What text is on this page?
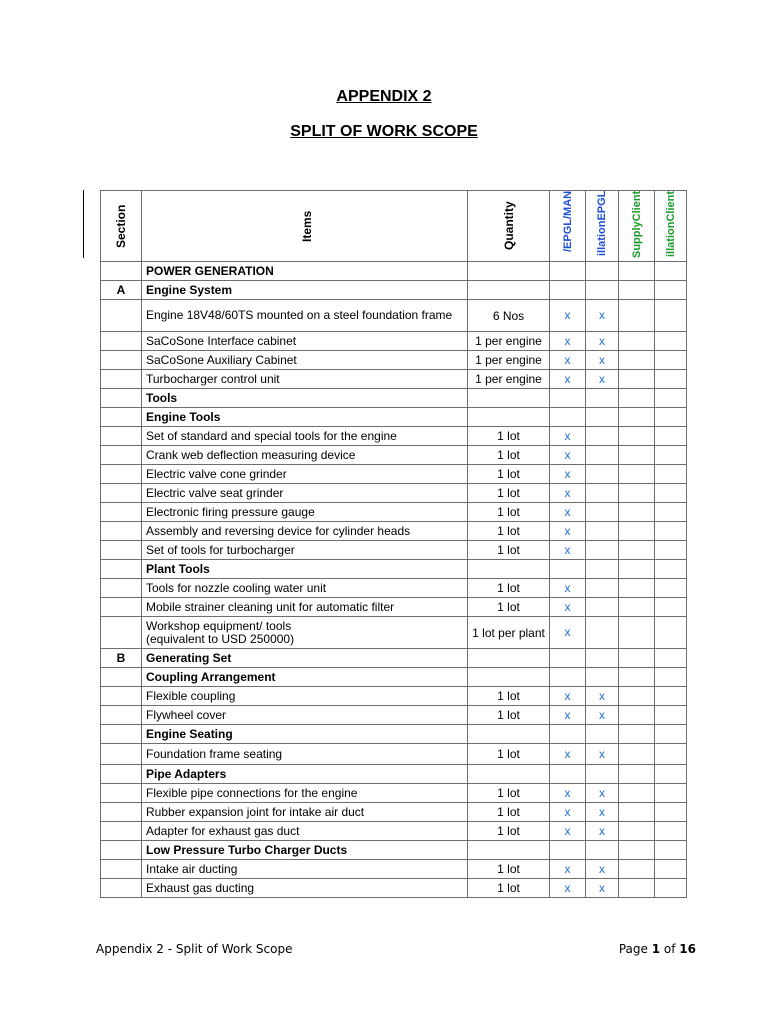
APPENDIX 2
SPLIT OF WORK SCOPE
Section	Items	Quantity	/EPGL/MAN	illationEPGL	SupplyClient	illationClient

	POWER GENERATION					
A	Engine System					
	Engine 18V48/60TS mounted on a steel foundation frame	6 Nos	x	x		
	SaCoSone Interface cabinet	1 per engine	x	x		
	SaCoSone Auxiliary Cabinet	1 per engine	x	x		
	Turbocharger control unit	1 per engine	x	x		
	Tools					
	Engine Tools					
	Set of standard and special tools for the engine	1 lot	x			
	Crank web deflection measuring device	1 lot	x			
	Electric valve cone grinder	1 lot	x			
	Electric valve seat grinder	1 lot	x			
	Electronic firing pressure gauge	1 lot	x			
	Assembly and reversing device for cylinder heads	1 lot	x			
	Set of tools for turbocharger	1 lot	x			
	Plant Tools					
	Tools for nozzle cooling water unit	1 lot	x			
	Mobile strainer cleaning unit for automatic filter	1 lot	x			
	Workshop equipment/ tools
(equivalent to USD 250000)	1 lot per plant	x			
B	Generating Set					
	Coupling Arrangement					
	Flexible coupling	1 lot	x	x		
	Flywheel cover	1 lot	x	x		
	Engine Seating					
	Foundation frame seating	1 lot	x	x		
	Pipe Adapters					
	Flexible pipe connections for the engine	1 lot	x	x		
	Rubber expansion joint for intake air duct	1 lot	x	x		
	Adapter for exhaust gas duct	1 lot	x	x		
	Low Pressure Turbo Charger Ducts					
	Intake air ducting	1 lot	x	x		
	Exhaust gas ducting	1 lot	x	x		
Appendix 2 - Split of Work Scope	Page 1 of 16
